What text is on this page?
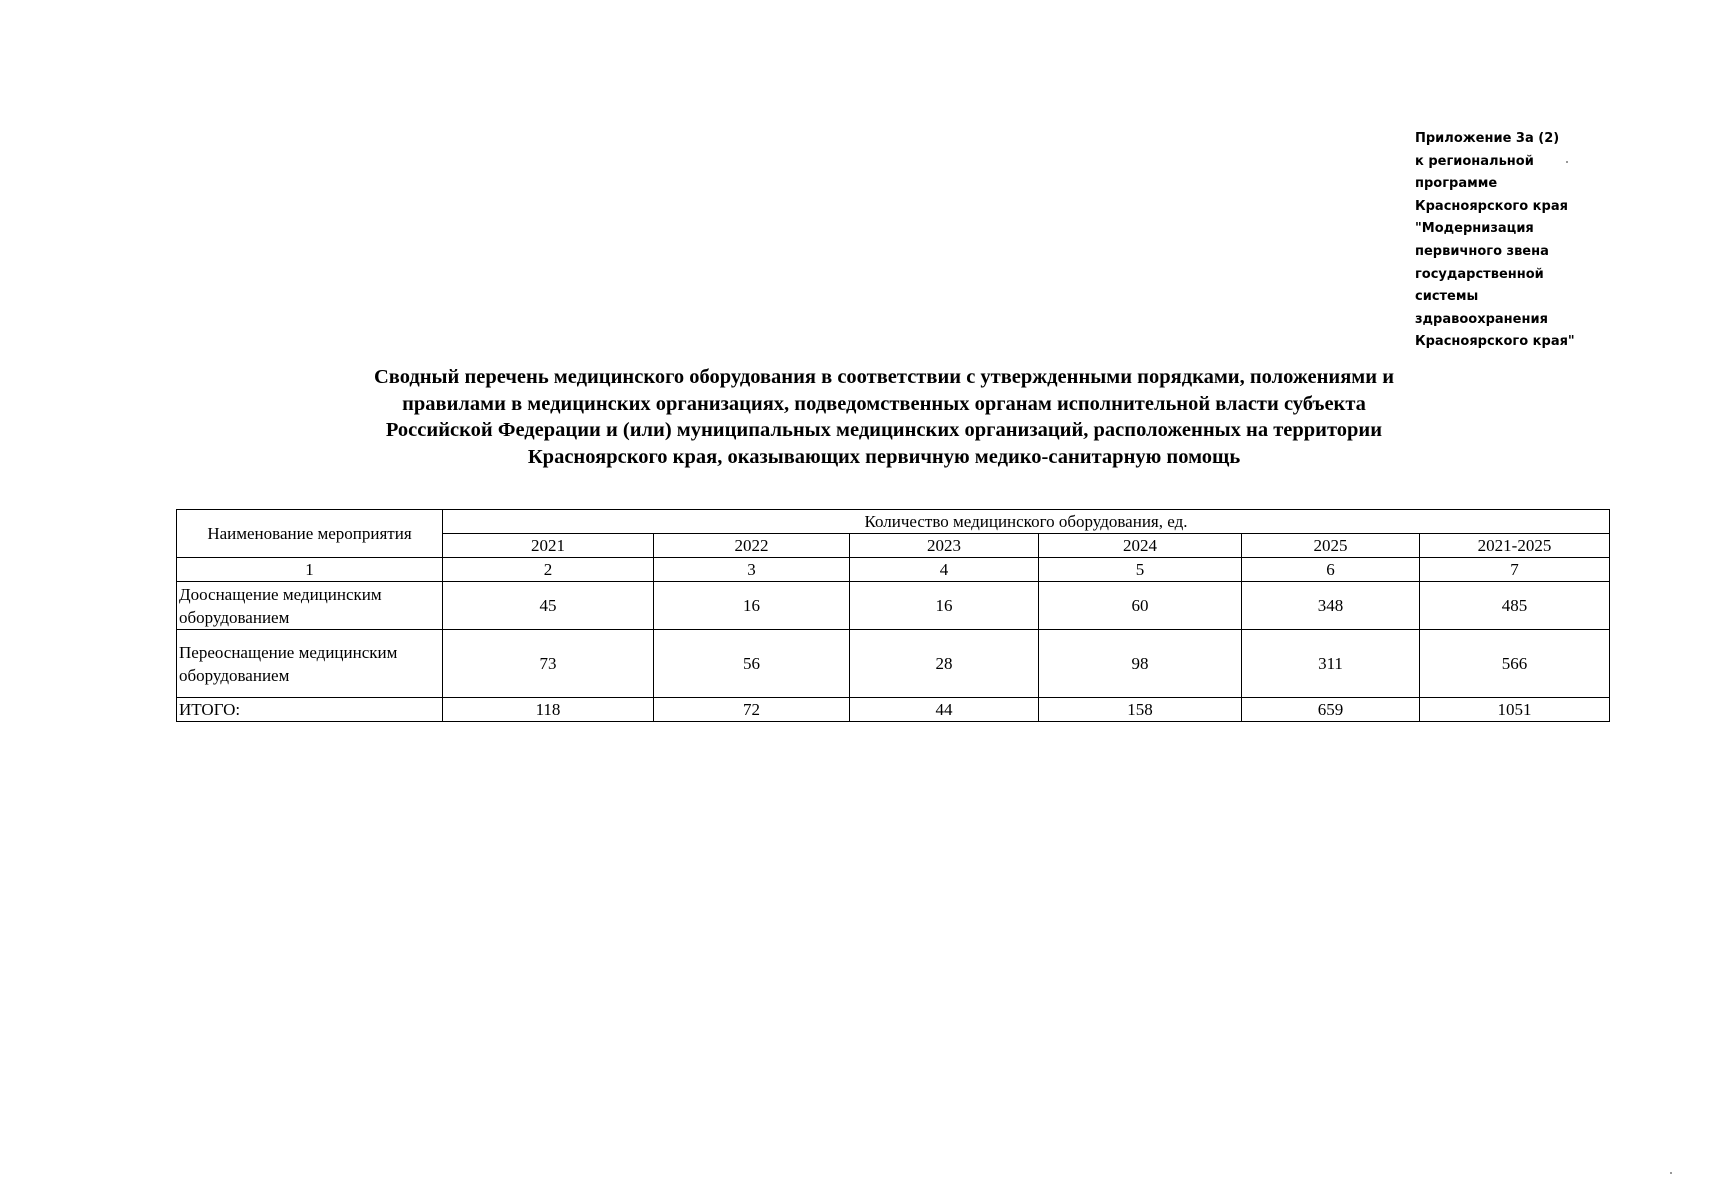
Приложение 3а (2)
к региональной
программе
Красноярского края
"Модернизация
первичного звена
государственной
системы
здравоохранения
Красноярского края"
Сводный перечень медицинского оборудования в соответствии с утвержденными порядками, положениями и
правилами в медицинских организациях, подведомственных органам исполнительной власти субъекта
Российской Федерации и (или) муниципальных медицинских организаций, расположенных на территории
Красноярского края, оказывающих первичную медико-санитарную помощь
Наименование мероприятия	Количество медицинского оборудования, ед.					
	2021	2022	2023	2024	2025	2021-2025
1	2	3	4	5	6	7
Дооснащение медицинским
оборудованием	45	16	16	60	348	485
Переоснащение медицинским
оборудованием	73	56	28	98	311	566
ИТОГО:	118	72	44	158	659	1051
